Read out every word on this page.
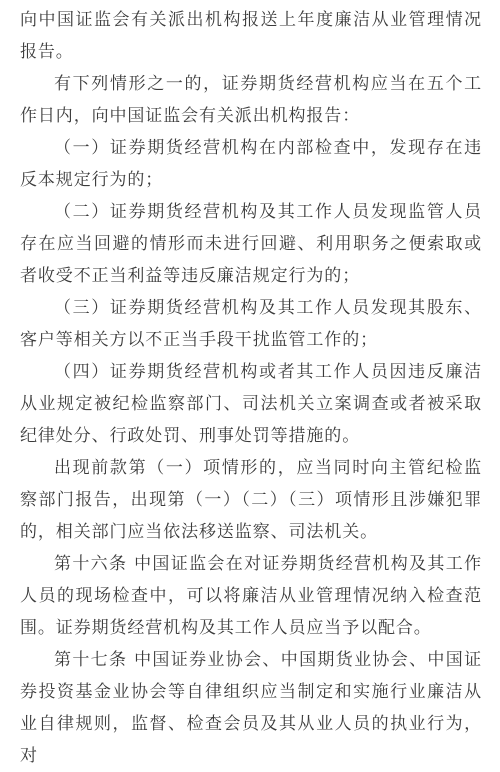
向中国证监会有关派出机构报送上年度廉洁从业管理情况报告。

有下列情形之一的，证券期货经营机构应当在五个工作日内，向中国证监会有关派出机构报告：

（一）证券期货经营机构在内部检查中，发现存在违反本规定行为的；

（二）证券期货经营机构及其工作人员发现监管人员存在应当回避的情形而未进行回避、利用职务之便索取或者收受不正当利益等违反廉洁规定行为的；

（三）证券期货经营机构及其工作人员发现其股东、客户等相关方以不正当手段干扰监管工作的；

（四）证券期货经营机构或者其工作人员因违反廉洁从业规定被纪检监察部门、司法机关立案调查或者被采取纪律处分、行政处罚、刑事处罚等措施的。

出现前款第（一）项情形的，应当同时向主管纪检监察部门报告，出现第（一）（二）（三）项情形且涉嫌犯罪的，相关部门应当依法移送监察、司法机关。

第十六条 中国证监会在对证券期货经营机构及其工作人员的现场检查中，可以将廉洁从业管理情况纳入检查范围。证券期货经营机构及其工作人员应当予以配合。

第十七条 中国证券业协会、中国期货业协会、中国证券投资基金业协会等自律组织应当制定和实施行业廉洁从业自律规则，监督、检查会员及其从业人员的执业行为，对
